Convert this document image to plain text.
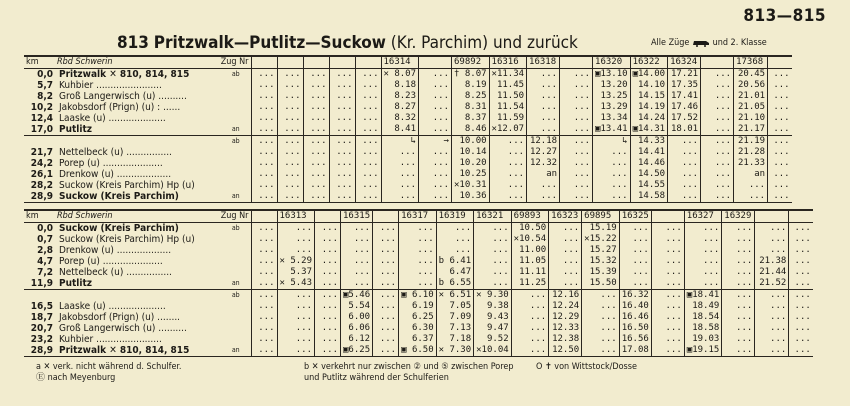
813—815
813 Pritzwalk—Putlitz—Suckow (Kr. Parchim) und zurück	Alle Züge	und 2. Klasse
km	Rbd Schwerin	Zug Nr							16314		69892	16316	16318		16320	16322	16324		17368	
0,0	Pritzwalk ✕ 810, 814, 815		ab	...	...	...	...	...	✕ 8.07	...	† 8.07	✕11.34	...	...	▣13.10	▣14.00	17.21	...	20.45	...
5,7	Kuhbier .......................			...	...	...	...	...	8.18	...	8.19	11.45	...	...	13.20	14.10	17.35	...	20.56	...
8,2	Groß Langerwisch (u) ..........			...	...	...	...	...	8.23	...	8.25	11.50	...	...	13.25	14.15	17.41	...	21.01	...
10,2	Jakobsdorf (Prign) (u) : ......			...	...	...	...	...	8.27	...	8.31	11.54	...	...	13.29	14.19	17.46	...	21.05	...
12,4	Laaske (u) ....................			...	...	...	...	...	8.32	...	8.37	11.59	...	...	13.34	14.24	17.52	...	21.10	...
17,0	Putlitz		an	...	...	...	...	...	8.41	...	8.46	✕12.07	...	...	▣13.41	▣14.31	18.01	...	21.17	...
			ab	...	...	...	...	...	↳	→	10.00	...	12.18	...	↳	14.33	...	...	21.19	...
21,7	Nettelbeck (u) ................			...	...	...	...	...	...	...	10.14	...	12.27	...	...	14.41	...	...	21.28	...
24,2	Porep (u) .....................			...	...	...	...	...	...	...	10.20	...	12.32	...	...	14.46	...	...	21.33	...
26,1	Drenkow (u) ...................			...	...	...	...	...	...	...	10.25	...	an	...	...	14.50	...	...	an	...
28,2	Suckow (Kreis Parchim) Hp (u)			...	...	...	...	...	...	...	✕10.31	...	...	...	...	14.55	...	...	...	...
28,9	Suckow (Kreis Parchim)		an	...	...	...	...	...	...	...	10.36	...	...	...	...	14.58	...	...	...	...
km	Rbd Schwerin	Zug Nr			16313		16315		16317	16319	16321	69893	16323	69895	16325		16327	16329		
0,0	Suckow (Kreis Parchim)		ab	...	...	...	...	...	...	...	...	10.50	...	15.19	...	...	...	...	...	...
0,7	Suckow (Kreis Parchim) Hp (u)			...	...	...	...	...	...	...	...	✕10.54	...	✕15.22	...	...	...	...	...	...
2,8	Drenkow (u) ...................			...	...	...	...	...	...	...	...	11.00	...	15.27	...	...	...	...	...	...
4,7	Porep (u) .....................			...	✕ 5.29	...	...	...	...	b 6.41	...	11.05	...	15.32	...	...	...	...	21.38	...
7,2	Nettelbeck (u) ................			...	5.37	...	...	...	...	6.47	...	11.11	...	15.39	...	...	...	...	21.44	...
11,9	Putlitz		an	...	✕ 5.43	...	...	...	...	b 6.55	...	11.25	...	15.50	...	...	...	...	21.52	...
			ab	...	...	...	▣5.46	...	▣ 6.10	✕ 6.51	✕ 9.30	...	12.16	...	16.32	...	▣18.41	...	...	...
16,5	Laaske (u) ....................			...	...	...	5.54	...	6.19	7.05	9.38	...	12.24	...	16.40	...	18.49	...	...	...
18,7	Jakobsdorf (Prign) (u) ........			...	...	...	6.00	...	6.25	7.09	9.43	...	12.29	...	16.46	...	18.54	...	...	...
20,7	Groß Langerwisch (u) ..........			...	...	...	6.06	...	6.30	7.13	9.47	...	12.33	...	16.50	...	18.58	...	...	...
23,2	Kuhbier .......................			...	...	...	6.12	...	6.37	7.18	9.52	...	12.38	...	16.56	...	19.03	...	...	...
28,9	Pritzwalk ✕ 810, 814, 815		an	...	...	...	▣6.25	...	▣ 6.50	✕ 7.30	✕10.04	...	12.50	...	17.08	...	▣19.15	...	...	...
a ✕ verk. nicht während d. Schulfer.
Ⓔ nach Meyenburg
b ✕ verkehrt nur zwischen ② und ⑤ zwischen Porep
und Putlitz während der Schulferien
O ✝ von Wittstock/Dosse
